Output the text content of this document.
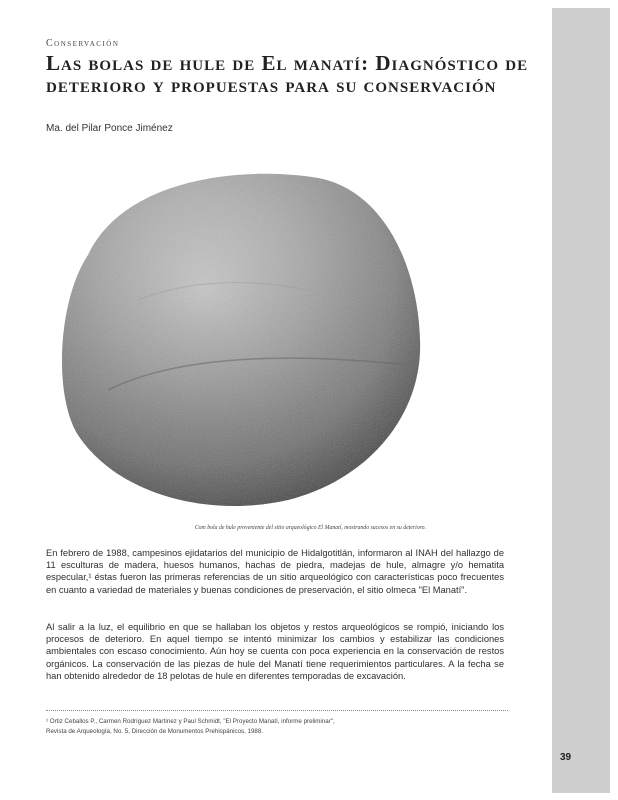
39
Conservación
Las bolas de hule de El manatí: Diagnóstico de deterioro y propuestas para su conservación
Ma. del Pilar Ponce Jiménez
Com bola de hule proveniente del sitio arqueológico El Manatí, mostrando sucesos en su deterioro.

En febrero de 1988, campesinos ejidatarios del municipio de Hidalgotitlán, informaron al INAH del hallazgo de 11 esculturas de madera, huesos humanos, hachas de piedra, madejas de hule, almagre y/o hematita especular,¹ éstas fueron las primeras referencias de un sitio arqueológico con características poco frecuentes en cuanto a variedad de materiales y buenas condiciones de preservación, el sitio olmeca "El Manatí".

Al salir a la luz, el equilibrio en que se hallaban los objetos y restos arqueológicos se rompió, iniciando los procesos de deterioro. En aquel tiempo se intentó minimizar los cambios y estabilizar las condiciones ambientales con escaso conocimiento. Aún hoy se cuenta con poca experiencia en la conservación de restos orgánicos. La conservación de las piezas de hule del Manatí tiene requerimientos particulares. A la fecha se han obtenido alrededor de 18 pelotas de hule en diferentes temporadas de excavación.

¹ Ortiz Ceballos P., Carmen Rodríguez Martínez y Paul Schmidt, "El Proyecto Manatí, informe preliminar",
Revista de Arqueología, No. 5, Dirección de Monumentos Prehispánicos, 1988.
